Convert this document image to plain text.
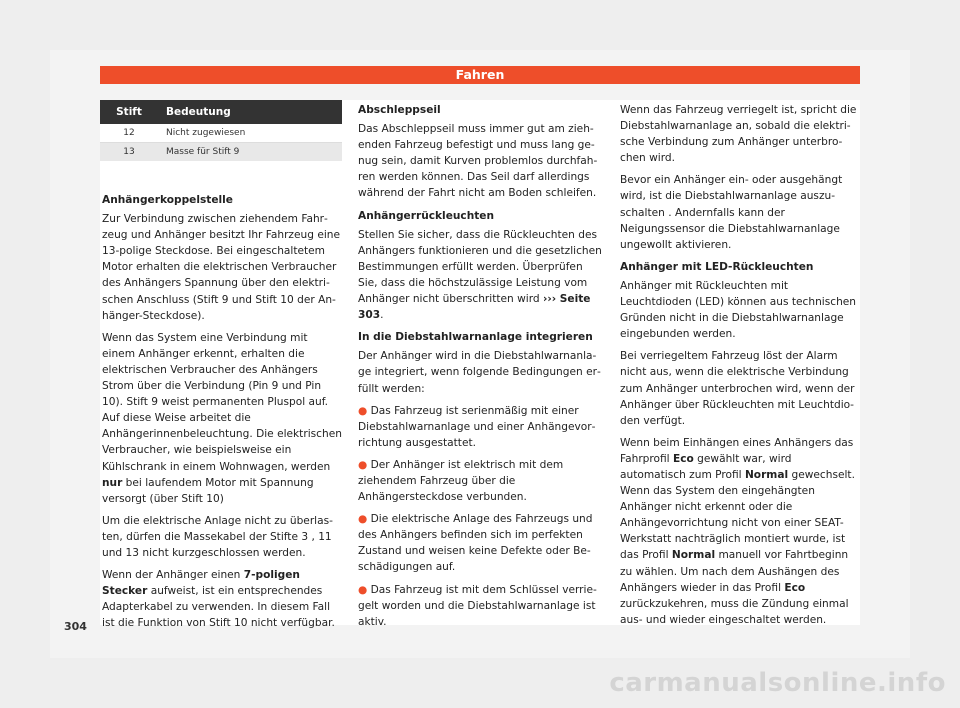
Fahren
Stift	Bedeutung
12	Nicht zugewiesen
13	Masse für Stift 9
Anhängerkoppelstelle

Zur Verbindung zwischen ziehendem Fahrzeug und Anhänger besitzt Ihr Fahrzeug eine 13-polige Steckdose. Bei eingeschaltetem Motor erhalten die elektrischen Verbraucher des Anhängers Spannung über den elektrischen Anschluss (Stift 9 und Stift 10 der Anhänger-Steckdose).

Wenn das System eine Verbindung mit einem Anhänger erkennt, erhalten die elektrischen Verbraucher des Anhängers Strom über die Verbindung (Pin 9 und Pin 10). Stift 9 weist permanenten Pluspol auf. Auf diese Weise arbeitet die Anhängerinnenbeleuchtung. Die elektrischen Verbraucher, wie beispielsweise ein Kühlschrank in einem Wohnwagen, werden nur bei laufendem Motor mit Spannung versorgt (über Stift 10)

Um die elektrische Anlage nicht zu überlasten, dürfen die Massekabel der Stifte 3 , 11 und 13 nicht kurzgeschlossen werden.

Wenn der Anhänger einen 7-poligen Stecker aufweist, ist ein entsprechendes Adapterkabel zu verwenden. In diesem Fall ist die Funktion von Stift 10 nicht verfügbar.

Abschleppseil

Das Abschleppseil muss immer gut am ziehenden Fahrzeug befestigt und muss lang genug sein, damit Kurven problemlos durchfahren werden können. Das Seil darf allerdings während der Fahrt nicht am Boden schleifen.

Anhängerrückleuchten

Stellen Sie sicher, dass die Rückleuchten des Anhängers funktionieren und die gesetzlichen Bestimmungen erfüllt werden. Überprüfen Sie, dass die höchstzulässige Leistung vom Anhänger nicht überschritten wird ››› Seite 303.

In die Diebstahlwarnanlage integrieren

Der Anhänger wird in die Diebstahlwarnanlage integriert, wenn folgende Bedingungen erfüllt werden:

● Das Fahrzeug ist serienmäßig mit einer Diebstahlwarnanlage und einer Anhängevorrichtung ausgestattet.

● Der Anhänger ist elektrisch mit dem ziehendem Fahrzeug über die Anhängersteckdose verbunden.

● Die elektrische Anlage des Fahrzeugs und des Anhängers befinden sich im perfekten Zustand und weisen keine Defekte oder Beschädigungen auf.

● Das Fahrzeug ist mit dem Schlüssel verriegelt worden und die Diebstahlwarnanlage ist aktiv.

Wenn das Fahrzeug verriegelt ist, spricht die Diebstahlwarnanlage an, sobald die elektrische Verbindung zum Anhänger unterbrochen wird.

Bevor ein Anhänger ein- oder ausgehängt wird, ist die Diebstahlwarnanlage auszuschalten . Andernfalls kann der Neigungssensor die Diebstahlwarnanlage ungewollt aktivieren.

Anhänger mit LED-Rückleuchten

Anhänger mit Rückleuchten mit Leuchtdioden (LED) können aus technischen Gründen nicht in die Diebstahlwarnanlage eingebunden werden.

Bei verriegeltem Fahrzeug löst der Alarm nicht aus, wenn die elektrische Verbindung zum Anhänger unterbrochen wird, wenn der Anhänger über Rückleuchten mit Leuchtdioden verfügt.

Wenn beim Einhängen eines Anhängers das Fahrprofil Eco gewählt war, wird automatisch zum Profil Normal gewechselt. Wenn das System den eingehängten Anhänger nicht erkennt oder die Anhängevorrichtung nicht von einer SEAT-Werkstatt nachträglich montiert wurde, ist das Profil Normal manuell vor Fahrtbeginn zu wählen. Um nach dem Aushängen des Anhängers wieder in das Profil Eco zurückzukehren, muss die Zündung einmal aus- und wieder eingeschaltet werden.

304
carmanualsonline.info
